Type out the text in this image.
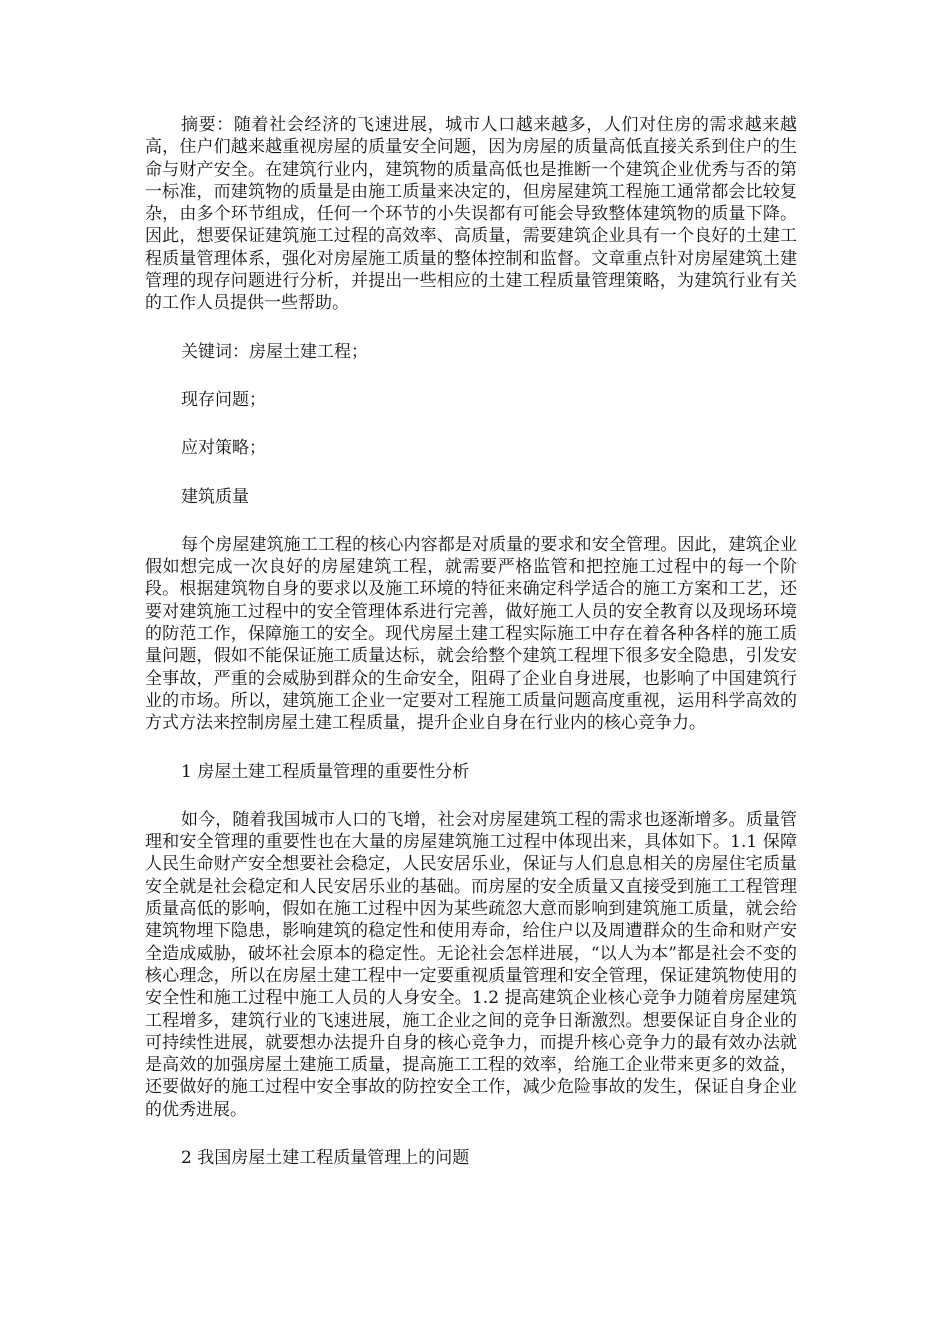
摘要：随着社会经济的飞速进展，城市人口越来越多，人们对住房的需求越来越高，住户们越来越重视房屋的质量安全问题，因为房屋的质量高低直接关系到住户的生命与财产安全。在建筑行业内，建筑物的质量高低也是推断一个建筑企业优秀与否的第一标准，而建筑物的质量是由施工质量来决定的，但房屋建筑工程施工通常都会比较复杂，由多个环节组成，任何一个环节的小失误都有可能会导致整体建筑物的质量下降。因此，想要保证建筑施工过程的高效率、高质量，需要建筑企业具有一个良好的土建工程质量管理体系，强化对房屋施工质量的整体控制和监督。文章重点针对房屋建筑土建管理的现存问题进行分析，并提出一些相应的土建工程质量管理策略，为建筑行业有关的工作人员提供一些帮助。

关键词：房屋土建工程；

现存问题；

应对策略；

建筑质量

每个房屋建筑施工工程的核心内容都是对质量的要求和安全管理。因此，建筑企业假如想完成一次良好的房屋建筑工程，就需要严格监管和把控施工过程中的每一个阶段。根据建筑物自身的要求以及施工环境的特征来确定科学适合的施工方案和工艺，还要对建筑施工过程中的安全管理体系进行完善，做好施工人员的安全教育以及现场环境的防范工作，保障施工的安全。现代房屋土建工程实际施工中存在着各种各样的施工质量问题，假如不能保证施工质量达标，就会给整个建筑工程埋下很多安全隐患，引发安全事故，严重的会威胁到群众的生命安全，阻碍了企业自身进展，也影响了中国建筑行业的市场。所以，建筑施工企业一定要对工程施工质量问题高度重视，运用科学高效的方式方法来控制房屋土建工程质量，提升企业自身在行业内的核心竞争力。

1 房屋土建工程质量管理的重要性分析

如今，随着我国城市人口的飞增，社会对房屋建筑工程的需求也逐渐增多。质量管理和安全管理的重要性也在大量的房屋建筑施工过程中体现出来，具体如下。1.1 保障人民生命财产安全想要社会稳定，人民安居乐业，保证与人们息息相关的房屋住宅质量安全就是社会稳定和人民安居乐业的基础。而房屋的安全质量又直接受到施工工程管理质量高低的影响，假如在施工过程中因为某些疏忽大意而影响到建筑施工质量，就会给建筑物埋下隐患，影响建筑的稳定性和使用寿命，给住户以及周遭群众的生命和财产安全造成威胁，破坏社会原本的稳定性。无论社会怎样进展，“以人为本”都是社会不变的核心理念，所以在房屋土建工程中一定要重视质量管理和安全管理，保证建筑物使用的安全性和施工过程中施工人员的人身安全。1.2 提高建筑企业核心竞争力随着房屋建筑工程增多，建筑行业的飞速进展，施工企业之间的竞争日渐激烈。想要保证自身企业的可持续性进展，就要想办法提升自身的核心竞争力，而提升核心竞争力的最有效办法就是高效的加强房屋土建施工质量，提高施工工程的效率，给施工企业带来更多的效益，还要做好的施工过程中安全事故的防控安全工作，减少危险事故的发生，保证自身企业的优秀进展。

2 我国房屋土建工程质量管理上的问题
